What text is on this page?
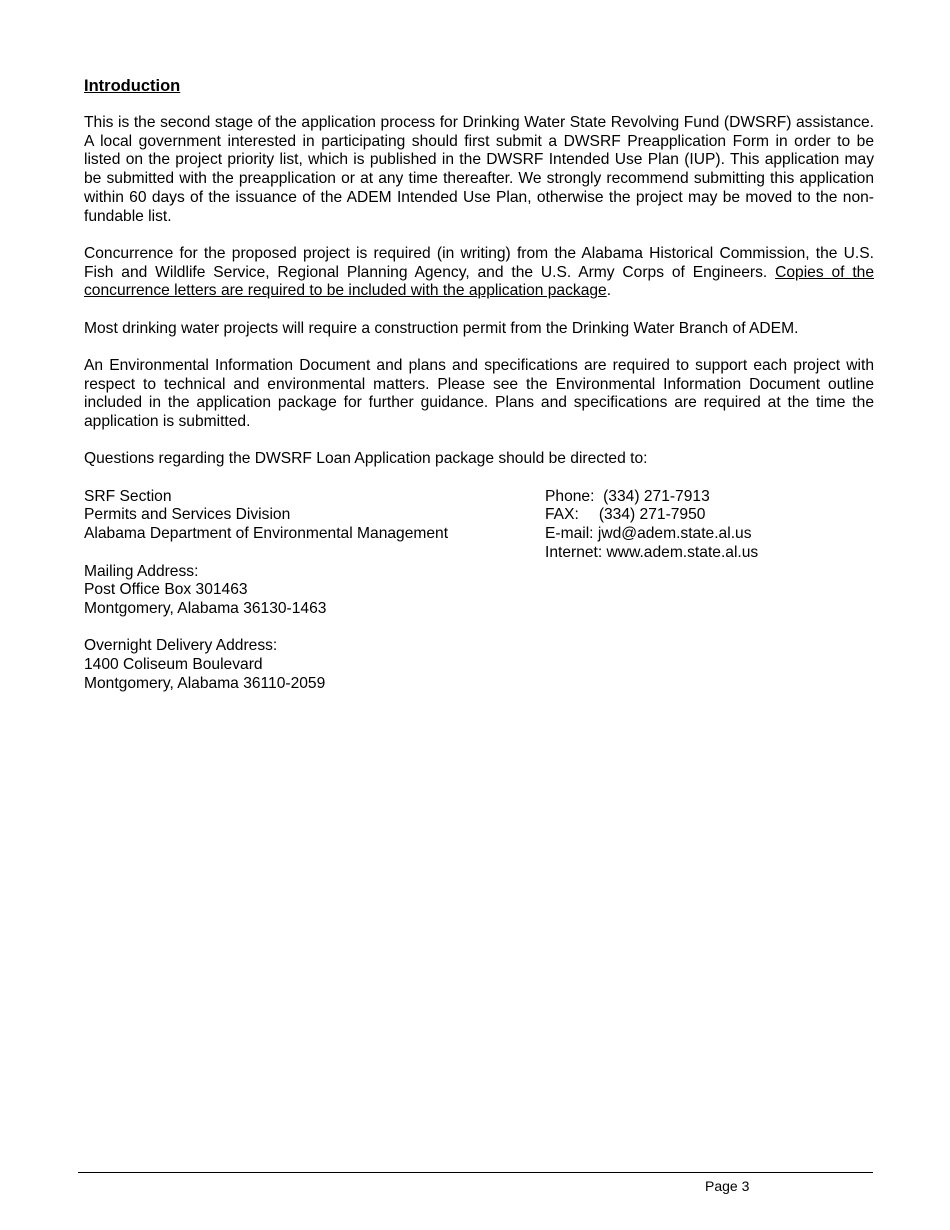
Introduction

This is the second stage of the application process for Drinking Water State Revolving Fund (DWSRF) assistance. A local government interested in participating should first submit a DWSRF Preapplication Form in order to be listed on the project priority list, which is published in the DWSRF Intended Use Plan (IUP). This application may be submitted with the preapplication or at any time thereafter. We strongly recommend submitting this application within 60 days of the issuance of the ADEM Intended Use Plan, otherwise the project may be moved to the non-fundable list.

Concurrence for the proposed project is required (in writing) from the Alabama Historical Commission, the U.S. Fish and Wildlife Service, Regional Planning Agency, and the U.S. Army Corps of Engineers. Copies of the concurrence letters are required to be included with the application package.

Most drinking water projects will require a construction permit from the Drinking Water Branch of ADEM.

An Environmental Information Document and plans and specifications are required to support each project with respect to technical and environmental matters. Please see the Environmental Information Document outline included in the application package for further guidance. Plans and specifications are required at the time the application is submitted.

Questions regarding the DWSRF Loan Application package should be directed to:

SRF Section
Permits and Services Division
Alabama Department of Environmental Management
Phone: (334) 271-7913
FAX: (334) 271-7950
E-mail: jwd@adem.state.al.us
Internet: www.adem.state.al.us
Mailing Address:
Post Office Box 301463
Montgomery, Alabama 36130-1463
Overnight Delivery Address:
1400 Coliseum Boulevard
Montgomery, Alabama 36110-2059
Page 3
